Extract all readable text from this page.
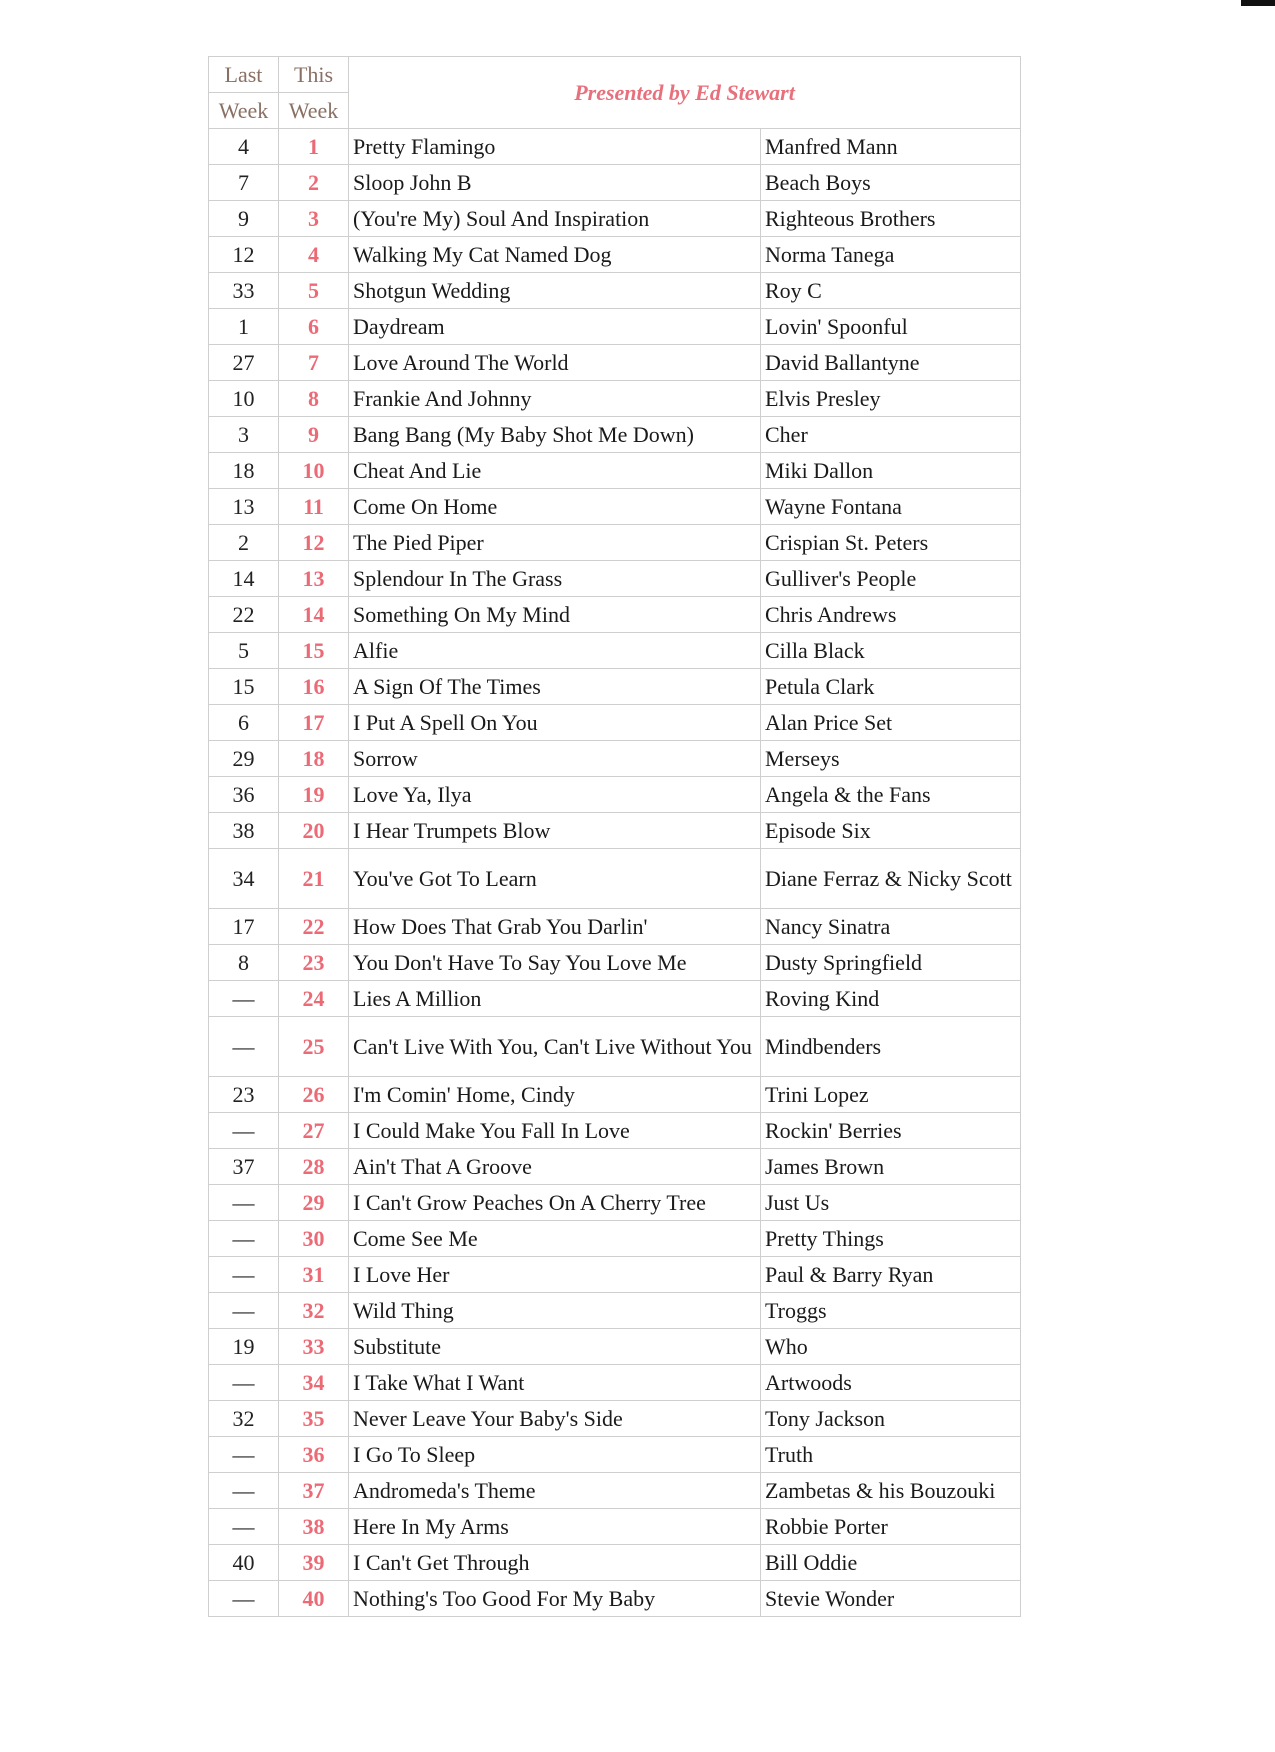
Last	This	Presented by Ed Stewart	
Week	Week		
4	1	Pretty Flamingo	Manfred Mann
7	2	Sloop John B	Beach Boys
9	3	(You're My) Soul And Inspiration	Righteous Brothers
12	4	Walking My Cat Named Dog	Norma Tanega
33	5	Shotgun Wedding	Roy C
1	6	Daydream	Lovin' Spoonful
27	7	Love Around The World	David Ballantyne
10	8	Frankie And Johnny	Elvis Presley
3	9	Bang Bang (My Baby Shot Me Down)	Cher
18	10	Cheat And Lie	Miki Dallon
13	11	Come On Home	Wayne Fontana
2	12	The Pied Piper	Crispian St. Peters
14	13	Splendour In The Grass	Gulliver's People
22	14	Something On My Mind	Chris Andrews
5	15	Alfie	Cilla Black
15	16	A Sign Of The Times	Petula Clark
6	17	I Put A Spell On You	Alan Price Set
29	18	Sorrow	Merseys
36	19	Love Ya, Ilya	Angela & the Fans
38	20	I Hear Trumpets Blow	Episode Six
34	21	You've Got To Learn	Diane Ferraz & Nicky Scott
17	22	How Does That Grab You Darlin'	Nancy Sinatra
8	23	You Don't Have To Say You Love Me	Dusty Springfield
—	24	Lies A Million	Roving Kind
—	25	Can't Live With You, Can't Live Without You	Mindbenders
23	26	I'm Comin' Home, Cindy	Trini Lopez
—	27	I Could Make You Fall In Love	Rockin' Berries
37	28	Ain't That A Groove	James Brown
—	29	I Can't Grow Peaches On A Cherry Tree	Just Us
—	30	Come See Me	Pretty Things
—	31	I Love Her	Paul & Barry Ryan
—	32	Wild Thing	Troggs
19	33	Substitute	Who
—	34	I Take What I Want	Artwoods
32	35	Never Leave Your Baby's Side	Tony Jackson
—	36	I Go To Sleep	Truth
—	37	Andromeda's Theme	Zambetas & his Bouzouki
—	38	Here In My Arms	Robbie Porter
40	39	I Can't Get Through	Bill Oddie
—	40	Nothing's Too Good For My Baby	Stevie Wonder
